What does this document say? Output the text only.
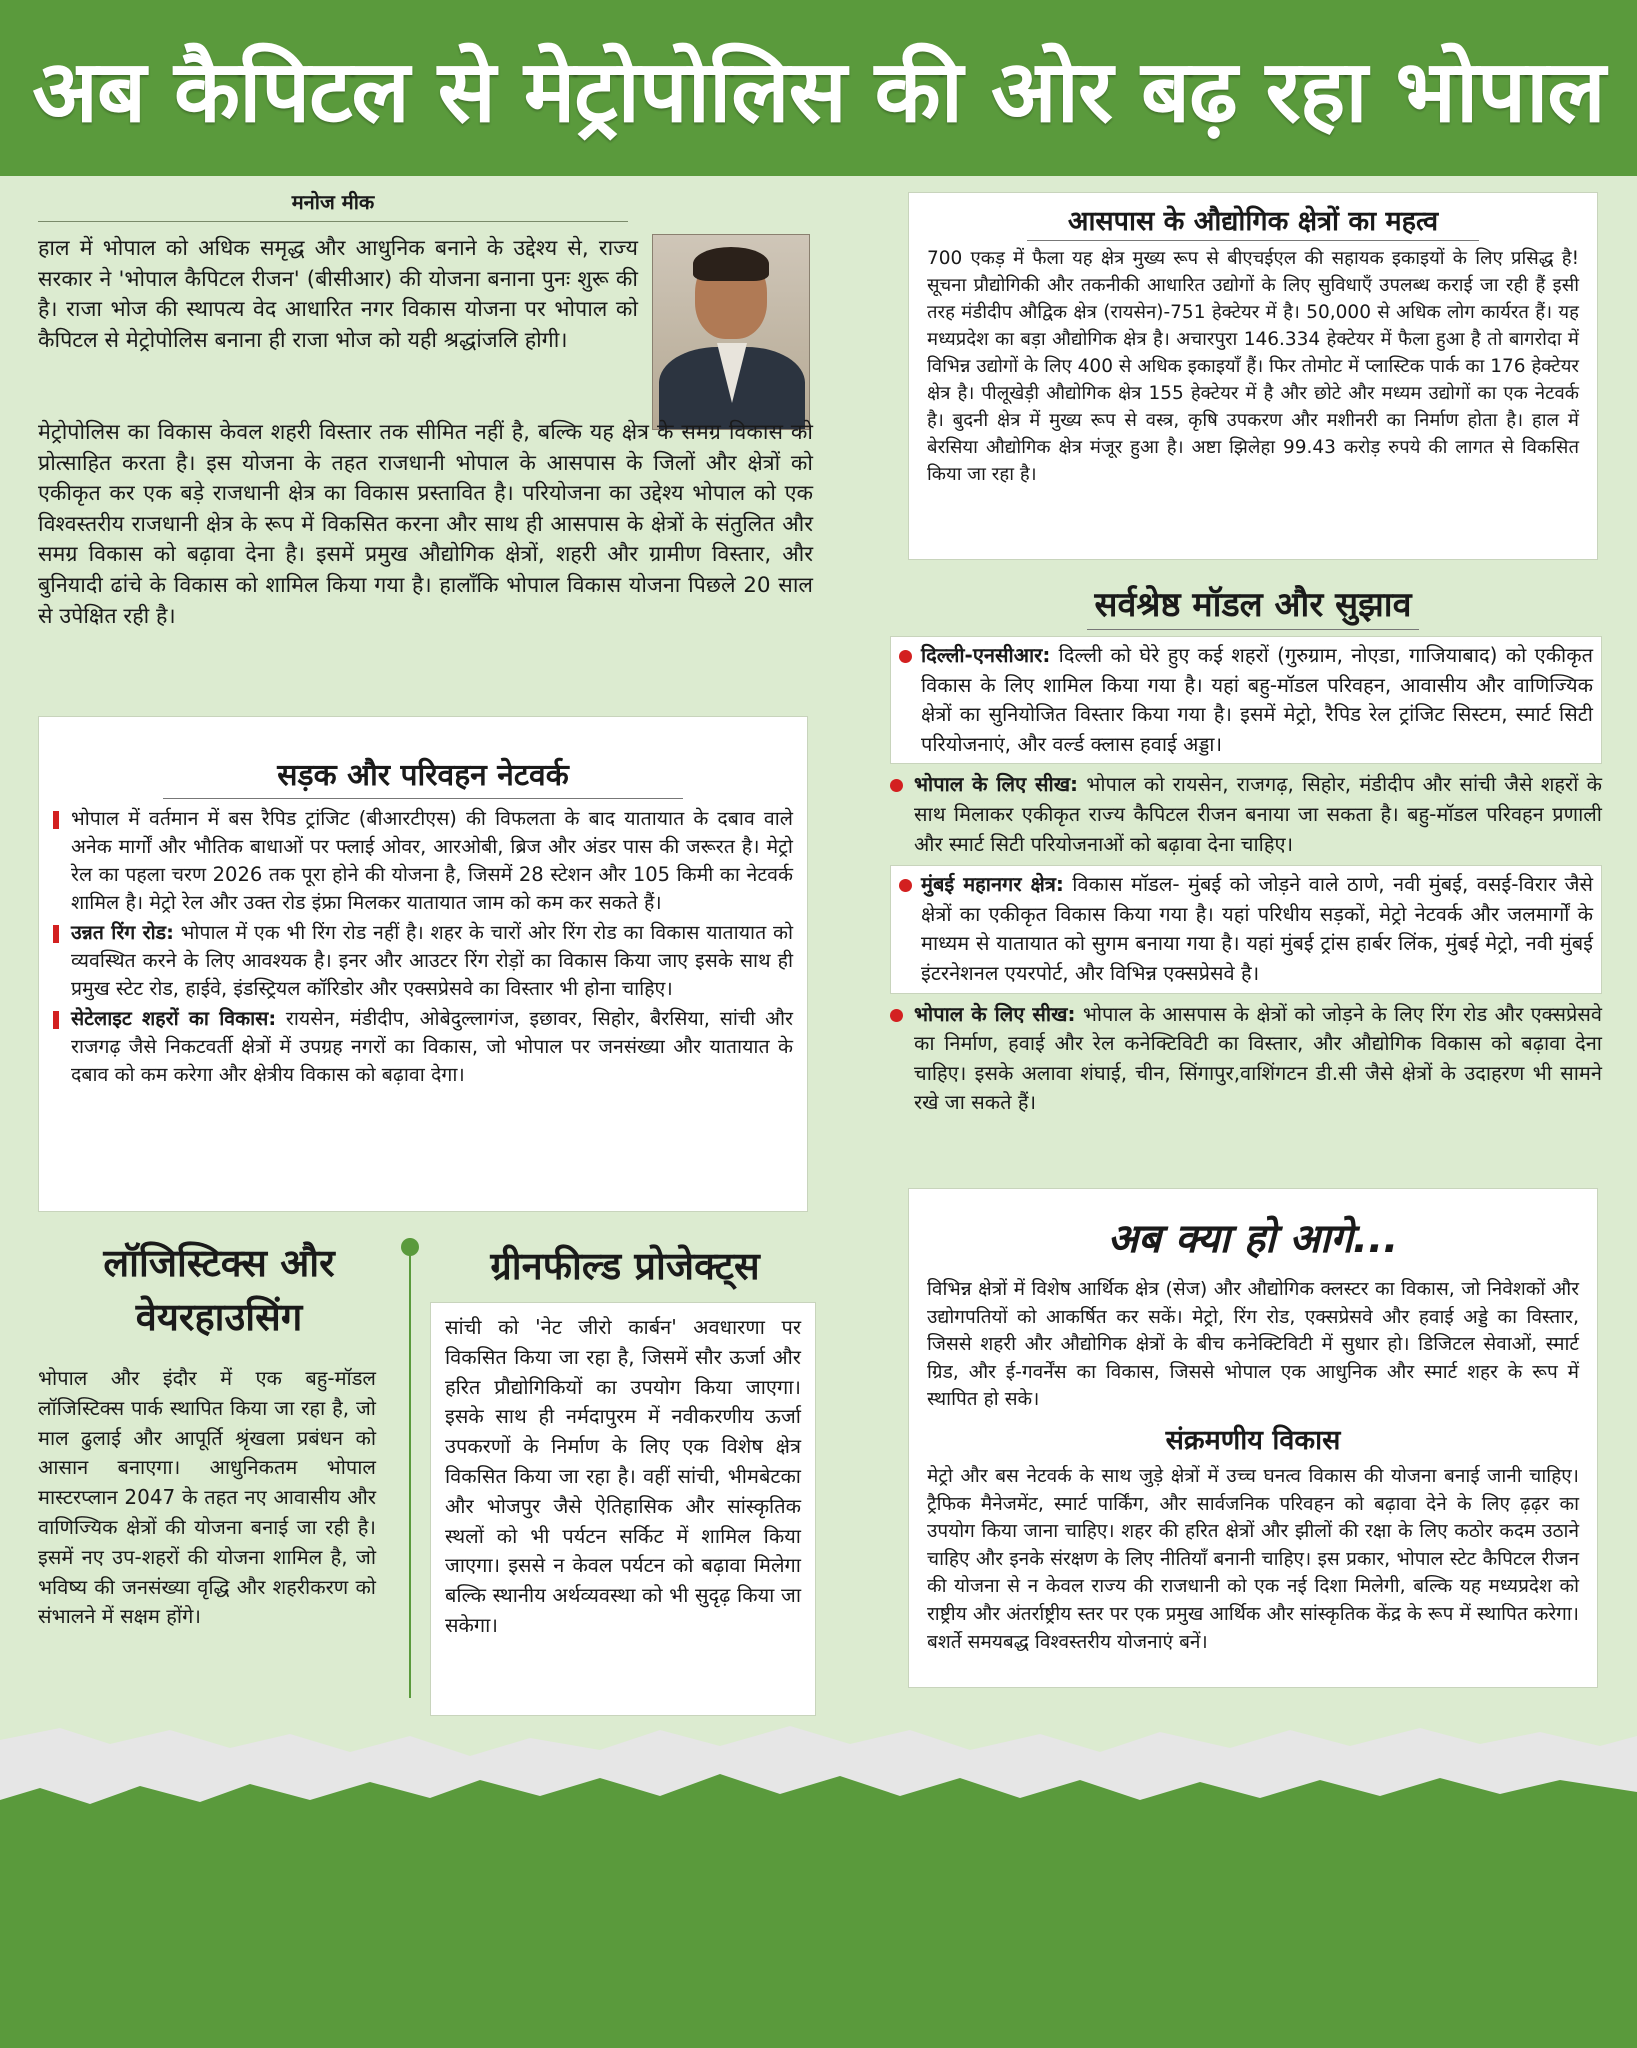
अब कैपिटल से मेट्रोपोलिस की ओर बढ़ रहा भोपाल
मनोज मीक

हाल में भोपाल को अधिक समृद्ध और आधुनिक बनाने के उद्देश्य से, राज्य सरकार ने 'भोपाल कैपिटल रीजन' (बीसीआर) की योजना बनाना पुनः शुरू की है। राजा भोज की स्थापत्य वेद आधारित नगर विकास योजना पर भोपाल को कैपिटल से मेट्रोपोलिस बनाना ही राजा भोज को यही श्रद्धांजलि होगी।

मेट्रोपोलिस का विकास केवल शहरी विस्तार तक सीमित नहीं है, बल्कि यह क्षेत्र के समग्र विकास को प्रोत्साहित करता है। इस योजना के तहत राजधानी भोपाल के आसपास के जिलों और क्षेत्रों को एकीकृत कर एक बड़े राजधानी क्षेत्र का विकास प्रस्तावित है। परियोजना का उद्देश्य भोपाल को एक विश्वस्तरीय राजधानी क्षेत्र के रूप में विकसित करना और साथ ही आसपास के क्षेत्रों के संतुलित और समग्र विकास को बढ़ावा देना है। इसमें प्रमुख औद्योगिक क्षेत्रों, शहरी और ग्रामीण विस्तार, और बुनियादी ढांचे के विकास को शामिल किया गया है। हालाँकि भोपाल विकास योजना पिछले 20 साल से उपेक्षित रही है।

सड़क और परिवहन नेटवर्क
भोपाल में वर्तमान में बस रैपिड ट्रांजिट (बीआरटीएस) की विफलता के बाद यातायात के दबाव वाले अनेक मार्गों और भौतिक बाधाओं पर फ्लाई ओवर, आरओबी, ब्रिज और अंडर पास की जरूरत है। मेट्रो रेल का पहला चरण 2026 तक पूरा होने की योजना है, जिसमें 28 स्टेशन और 105 किमी का नेटवर्क शामिल है। मेट्रो रेल और उक्त रोड इंफ्रा मिलकर यातायात जाम को कम कर सकते हैं।
उन्नत रिंग रोड: भोपाल में एक भी रिंग रोड नहीं है। शहर के चारों ओर रिंग रोड का विकास यातायात को व्यवस्थित करने के लिए आवश्यक है। इनर और आउटर रिंग रोड़ों का विकास किया जाए इसके साथ ही प्रमुख स्टेट रोड, हाईवे, इंडस्ट्रियल कॉरिडोर और एक्सप्रेसवे का विस्तार भी होना चाहिए।
सेटेलाइट शहरों का विकास: रायसेन, मंडीदीप, ओबेदुल्लागंज, इछावर, सिहोर, बैरसिया, सांची और राजगढ़ जैसे निकटवर्ती क्षेत्रों में उपग्रह नगरों का विकास, जो भोपाल पर जनसंख्या और यातायात के दबाव को कम करेगा और क्षेत्रीय विकास को बढ़ावा देगा।
लॉजिस्टिक्स और वेयरहाउसिंग

भोपाल और इंदौर में एक बहु-मॉडल लॉजिस्टिक्स पार्क स्थापित किया जा रहा है, जो माल ढुलाई और आपूर्ति श्रृंखला प्रबंधन को आसान बनाएगा। आधुनिकतम भोपाल मास्टरप्लान 2047 के तहत नए आवासीय और वाणिज्यिक क्षेत्रों की योजना बनाई जा रही है। इसमें नए उप-शहरों की योजना शामिल है, जो भविष्य की जनसंख्या वृद्धि और शहरीकरण को संभालने में सक्षम होंगे।

ग्रीनफील्ड प्रोजेक्ट्स

सांची को 'नेट जीरो कार्बन' अवधारणा पर विकसित किया जा रहा है, जिसमें सौर ऊर्जा और हरित प्रौद्योगिकियों का उपयोग किया जाएगा। इसके साथ ही नर्मदापुरम में नवीकरणीय ऊर्जा उपकरणों के निर्माण के लिए एक विशेष क्षेत्र विकसित किया जा रहा है। वहीं सांची, भीमबेटका और भोजपुर जैसे ऐतिहासिक और सांस्कृतिक स्थलों को भी पर्यटन सर्किट में शामिल किया जाएगा। इससे न केवल पर्यटन को बढ़ावा मिलेगा बल्कि स्थानीय अर्थव्यवस्था को भी सुदृढ़ किया जा सकेगा।

आसपास के औद्योगिक क्षेत्रों का महत्व

700 एकड़ में फैला यह क्षेत्र मुख्य रूप से बीएचईएल की सहायक इकाइयों के लिए प्रसिद्ध है! सूचना प्रौद्योगिकी और तकनीकी आधारित उद्योगों के लिए सुविधाएँ उपलब्ध कराई जा रही हैं इसी तरह मंडीदीप औद्विक क्षेत्र (रायसेन)-751 हेक्टेयर में है। 50,000 से अधिक लोग कार्यरत हैं। यह मध्यप्रदेश का बड़ा औद्योगिक क्षेत्र है। अचारपुरा 146.334 हेक्टेयर में फैला हुआ है तो बागरोदा में विभिन्न उद्योगों के लिए 400 से अधिक इकाइयाँ हैं। फिर तोमोट में प्लास्टिक पार्क का 176 हेक्टेयर क्षेत्र है। पीलूखेड़ी औद्योगिक क्षेत्र 155 हेक्टेयर में है और छोटे और मध्यम उद्योगों का एक नेटवर्क है। बुदनी क्षेत्र में मुख्य रूप से वस्त्र, कृषि उपकरण और मशीनरी का निर्माण होता है। हाल में बेरसिया औद्योगिक क्षेत्र मंजूर हुआ है। अष्टा झिलेहा 99.43 करोड़ रुपये की लागत से विकसित किया जा रहा है।

सर्वश्रेष्ठ मॉडल और सुझाव
दिल्ली-एनसीआर: दिल्ली को घेरे हुए कई शहरों (गुरुग्राम, नोएडा, गाजियाबाद) को एकीकृत विकास के लिए शामिल किया गया है। यहां बहु-मॉडल परिवहन, आवासीय और वाणिज्यिक क्षेत्रों का सुनियोजित विस्तार किया गया है। इसमें मेट्रो, रैपिड रेल ट्रांजिट सिस्टम, स्मार्ट सिटी परियोजनाएं, और वर्ल्ड क्लास हवाई अड्डा।
भोपाल के लिए सीख: भोपाल को रायसेन, राजगढ़, सिहोर, मंडीदीप और सांची जैसे शहरों के साथ मिलाकर एकीकृत राज्य कैपिटल रीजन बनाया जा सकता है। बहु-मॉडल परिवहन प्रणाली और स्मार्ट सिटी परियोजनाओं को बढ़ावा देना चाहिए।
मुंबई महानगर क्षेत्र: विकास मॉडल- मुंबई को जोड़ने वाले ठाणे, नवी मुंबई, वसई-विरार जैसे क्षेत्रों का एकीकृत विकास किया गया है। यहां परिधीय सड़कों, मेट्रो नेटवर्क और जलमार्गों के माध्यम से यातायात को सुगम बनाया गया है। यहां मुंबई ट्रांस हार्बर लिंक, मुंबई मेट्रो, नवी मुंबई इंटरनेशनल एयरपोर्ट, और विभिन्न एक्सप्रेसवे है।
भोपाल के लिए सीख: भोपाल के आसपास के क्षेत्रों को जोड़ने के लिए रिंग रोड और एक्सप्रेसवे का निर्माण, हवाई और रेल कनेक्टिविटी का विस्तार, और औद्योगिक विकास को बढ़ावा देना चाहिए। इसके अलावा शंघाई, चीन, सिंगापुर,वाशिंगटन डी.सी जैसे क्षेत्रों के उदाहरण भी सामने रखे जा सकते हैं।
अब क्या हो आगे...

विभिन्न क्षेत्रों में विशेष आर्थिक क्षेत्र (सेज) और औद्योगिक क्लस्टर का विकास, जो निवेशकों और उद्योगपतियों को आकर्षित कर सकें। मेट्रो, रिंग रोड, एक्सप्रेसवे और हवाई अड्डे का विस्तार, जिससे शहरी और औद्योगिक क्षेत्रों के बीच कनेक्टिविटी में सुधार हो। डिजिटल सेवाओं, स्मार्ट ग्रिड, और ई-गवर्नेंस का विकास, जिससे भोपाल एक आधुनिक और स्मार्ट शहर के रूप में स्थापित हो सके।

संक्रमणीय विकास

मेट्रो और बस नेटवर्क के साथ जुड़े क्षेत्रों में उच्च घनत्व विकास की योजना बनाई जानी चाहिए। ट्रैफिक मैनेजमेंट, स्मार्ट पार्किंग, और सार्वजनिक परिवहन को बढ़ावा देने के लिए ढ़ढ़र का उपयोग किया जाना चाहिए। शहर की हरित क्षेत्रों और झीलों की रक्षा के लिए कठोर कदम उठाने चाहिए और इनके संरक्षण के लिए नीतियाँ बनानी चाहिए। इस प्रकार, भोपाल स्टेट कैपिटल रीजन की योजना से न केवल राज्य की राजधानी को एक नई दिशा मिलेगी, बल्कि यह मध्यप्रदेश को राष्ट्रीय और अंतर्राष्ट्रीय स्तर पर एक प्रमुख आर्थिक और सांस्कृतिक केंद्र के रूप में स्थापित करेगा। बशर्ते समयबद्ध विश्वस्तरीय योजनाएं बनें।
